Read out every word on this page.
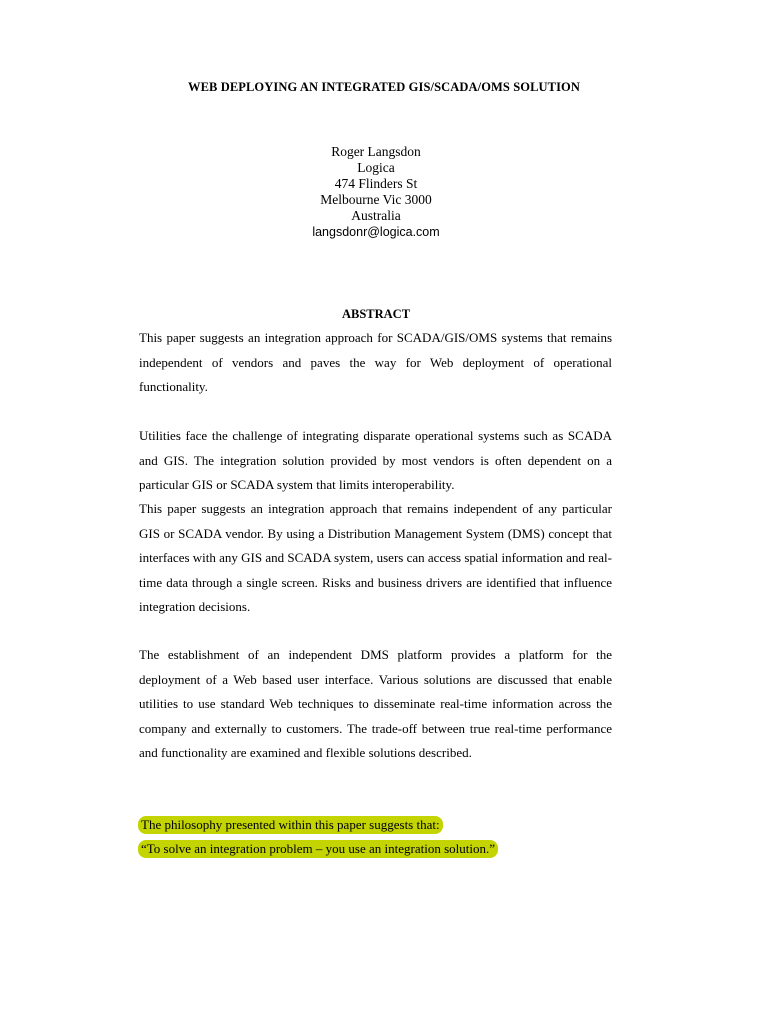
WEB DEPLOYING AN INTEGRATED GIS/SCADA/OMS SOLUTION
Roger Langsdon
Logica
474 Flinders St
Melbourne Vic 3000
Australia
langsdonr@logica.com
ABSTRACT

This paper suggests an integration approach for SCADA/GIS/OMS systems that remains independent of vendors and paves the way for Web deployment of operational functionality.

Utilities face the challenge of integrating disparate operational systems such as SCADA and GIS. The integration solution provided by most vendors is often dependent on a particular GIS or SCADA system that limits interoperability.

This paper suggests an integration approach that remains independent of any particular GIS or SCADA vendor. By using a Distribution Management System (DMS) concept that interfaces with any GIS and SCADA system, users can access spatial information and real-time data through a single screen. Risks and business drivers are identified that influence integration decisions.

The establishment of an independent DMS platform provides a platform for the deployment of a Web based user interface. Various solutions are discussed that enable utilities to use standard Web techniques to disseminate real-time information across the company and externally to customers. The trade-off between true real-time performance and functionality are examined and flexible solutions described.

The philosophy presented within this paper suggests that:
“To solve an integration problem – you use an integration solution.”
